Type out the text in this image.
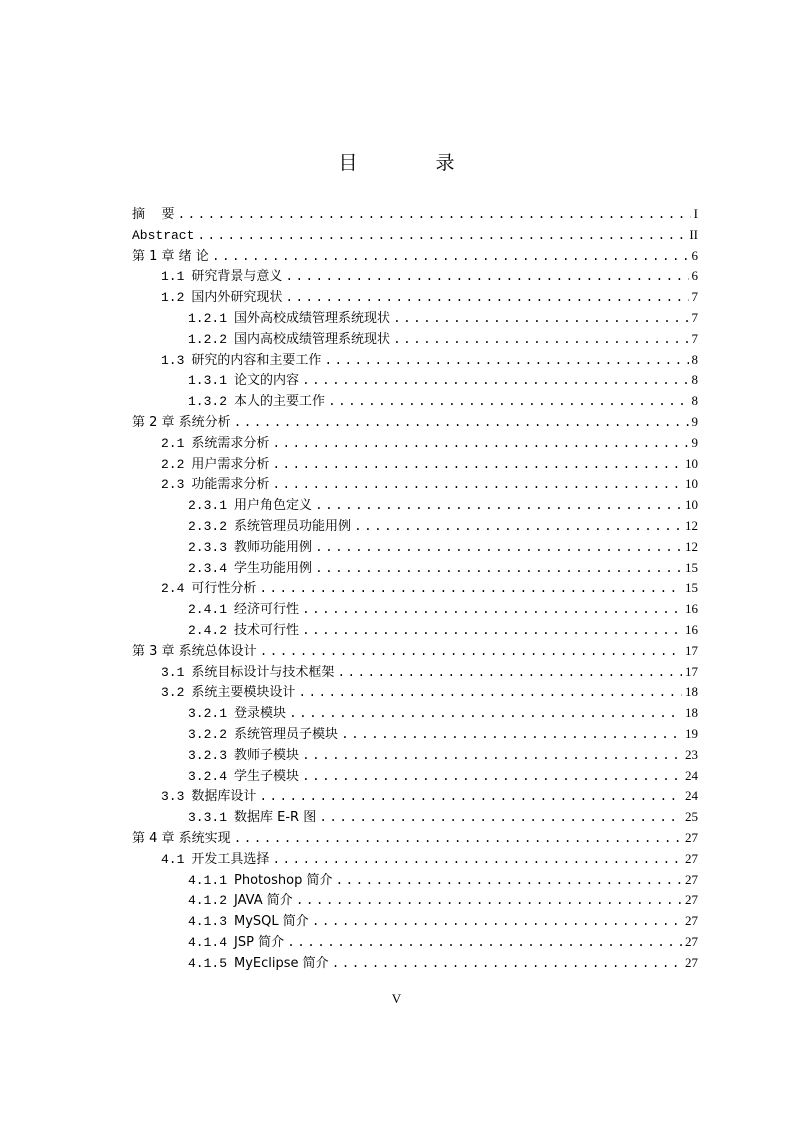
目 录
摘    要 .....	I
Abstract .....	II
第 1 章 绪 论 .....	6
1.1 研究背景与意义 .....	6
1.2 国内外研究现状 .....	7
1.2.1 国外高校成绩管理系统现状 .....	7
1.2.2 国内高校成绩管理系统现状 .....	7
1.3 研究的内容和主要工作 .....	8
1.3.1 论文的内容 .....	8
1.3.2 本人的主要工作 .....	8
第 2 章 系统分析 .....	9
2.1 系统需求分析 .....	9
2.2 用户需求分析 .....	10
2.3 功能需求分析 .....	10
2.3.1 用户角色定义 .....	10
2.3.2 系统管理员功能用例 .....	12
2.3.3 教师功能用例 .....	12
2.3.4 学生功能用例 .....	15
2.4 可行性分析 .....	15
2.4.1 经济可行性 .....	16
2.4.2 技术可行性 .....	16
第 3 章 系统总体设计 .....	17
3.1 系统目标设计与技术框架 .....	17
3.2 系统主要模块设计 .....	18
3.2.1 登录模块 .....	18
3.2.2 系统管理员子模块 .....	19
3.2.3 教师子模块 .....	23
3.2.4 学生子模块 .....	24
3.3 数据库设计 .....	24
3.3.1 数据库 E-R 图 .....	25
第 4 章 系统实现 .....	27
4.1 开发工具选择 .....	27
4.1.1 Photoshop 简介 .....	27
4.1.2 JAVA 简介 .....	27
4.1.3 MySQL 简介 .....	27
4.1.4 JSP 简介 .....	27
4.1.5 MyEclipse 简介 .....	27
V
